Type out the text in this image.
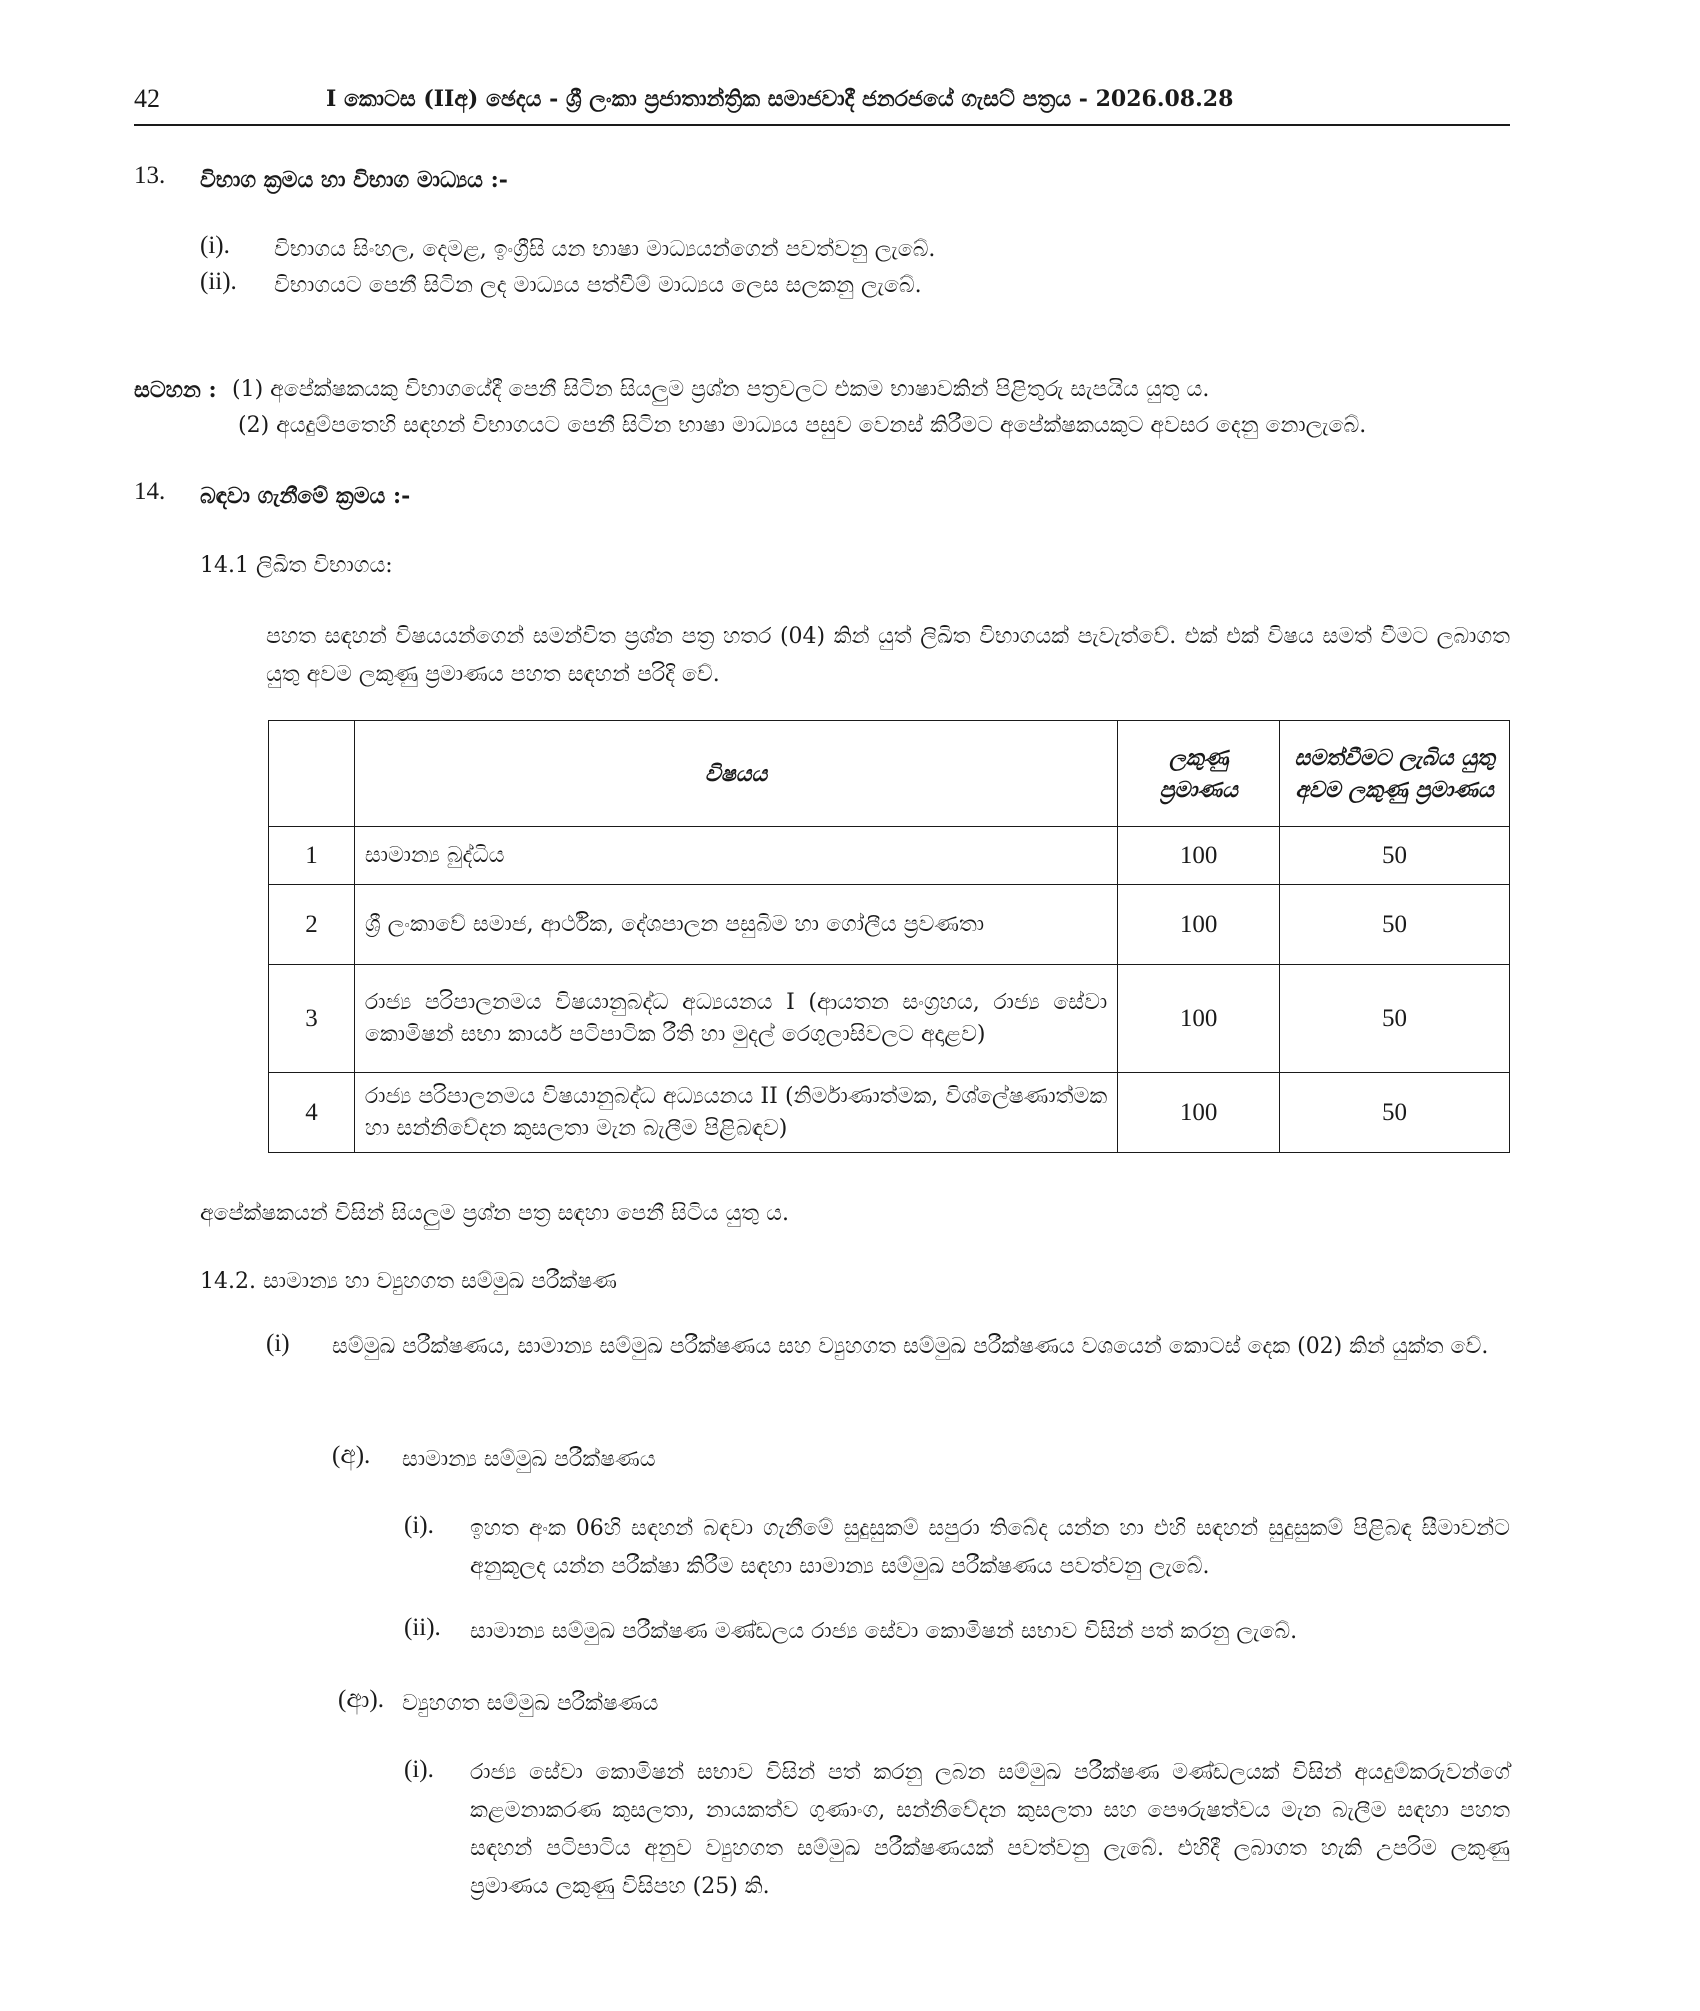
42	I කොටස (IIඅ) ඡෙදය - ශ්‍රී ලංකා ප්‍රජාතාන්ත්‍රික සමාජවාදී ජනරජයේ ගැසට් පත්‍රය - 2026.08.28
13. විභාග ක්‍රමය හා විභාග මාධ්‍යය :-
(i). විභාගය සිංහල, දෙමළ, ඉංග්‍රීසි යන භාෂා මාධ්‍යයන්ගෙන් පවත්වනු ලැබේ.
(ii). විභාගයට පෙනී සිටින ලද මාධ්‍යය පත්වීම් මාධ්‍යය ලෙස සලකනු ලැබේ.
සටහන : (1) අපේක්ෂකයකු විභාගයේදී පෙනී සිටින සියලුම ප්‍රශ්න පත්‍රවලට එකම භාෂාවකින් පිළිතුරු සැපයිය යුතු ය.
(2) අයදුම්පතෙහි සඳහන් විභාගයට පෙනී සිටින භාෂා මාධ්‍යය පසුව වෙනස් කිරීමට අපේක්ෂකයකුට අවසර දෙනු නොලැබේ.
14. බඳවා ගැනීමේ ක්‍රමය :-
14.1 ලිඛිත විභාගය:
පහත සඳහන් විෂයයන්ගෙන් සමන්විත ප්‍රශ්න පත්‍ර හතර (04) කින් යුත් ලිඛිත විභාගයක් පැවැත්වේ. එක් එක් විෂය සමත් වීමට ලබාගත යුතු අවම ලකුණු ප්‍රමාණය පහත සඳහන් පරිදි වේ.
	විෂයය	ලකුණු ප්‍රමාණය	සමත්වීමට ලැබිය යුතු අවම ලකුණු ප්‍රමාණය
1	සාමාන්‍ය බුද්ධිය	100	50
2	ශ්‍රී ලංකාවේ සමාජ, ආර්ථික, දේශපාලන පසුබිම හා ගෝලීය ප්‍රවණතා	100	50
3	රාජ්‍ය පරිපාලනමය විෂයානුබද්ධ අධ්‍යයනය I (ආයතන සංග්‍රහය, රාජ්‍ය සේවා කොමිෂන් සභා කාර්ය පටිපාටික රීති හා මුදල් රෙගුලාසිවලට අදාළව)	100	50
4	රාජ්‍ය පරිපාලනමය විෂයානුබද්ධ අධ්‍යයනය II (නිර්මාණාත්මක, විශ්ලේෂණාත්මක හා සන්නිවේදන කුසලතා මැන බැලීම පිළිබඳව)	100	50
අපේක්ෂකයන් විසින් සියලුම ප්‍රශ්න පත්‍ර සඳහා පෙනී සිටිය යුතු ය.
14.2. සාමාන්‍ය හා ව්‍යුහගත සම්මුඛ පරීක්ෂණ
(i) සම්මුඛ පරීක්ෂණය, සාමාන්‍ය සම්මුඛ පරීක්ෂණය සහ ව්‍යුහගත සම්මුඛ පරීක්ෂණය වශයෙන් කොටස් දෙක (02) කින් යුක්ත වේ.
(අ). සාමාන්‍ය සම්මුඛ පරීක්ෂණය
(i). ඉහත අංක 06හි සඳහන් බඳවා ගැනීමේ සුදුසුකම් සපුරා තිබේද යන්න හා එහි සඳහන් සුදුසුකම් පිළිබඳ සීමාවන්ට අනුකූලද යන්න පරීක්ෂා කිරීම සඳහා සාමාන්‍ය සම්මුඛ පරීක්ෂණය පවත්වනු ලැබේ.
(ii). සාමාන්‍ය සම්මුඛ පරීක්ෂණ මණ්ඩලය රාජ්‍ය සේවා කොමිෂන් සභාව විසින් පත් කරනු ලැබේ.
(ආ). ව්‍යුහගත සම්මුඛ පරීක්ෂණය
(i). රාජ්‍ය සේවා කොමිෂන් සභාව විසින් පත් කරනු ලබන සම්මුඛ පරීක්ෂණ මණ්ඩලයක් විසින් අයදුම්කරුවන්ගේ කළමනාකරණ කුසලතා, නායකත්ව ගුණාංග, සන්නිවේදන කුසලතා සහ පෞරුෂත්වය මැන බැලීම සඳහා පහත සඳහන් පටිපාටිය අනුව ව්‍යුහගත සම්මුඛ පරීක්ෂණයක් පවත්වනු ලැබේ. එහිදී ලබාගත හැකි උපරිම ලකුණු ප්‍රමාණය ලකුණු විසිපහ (25) කි.
